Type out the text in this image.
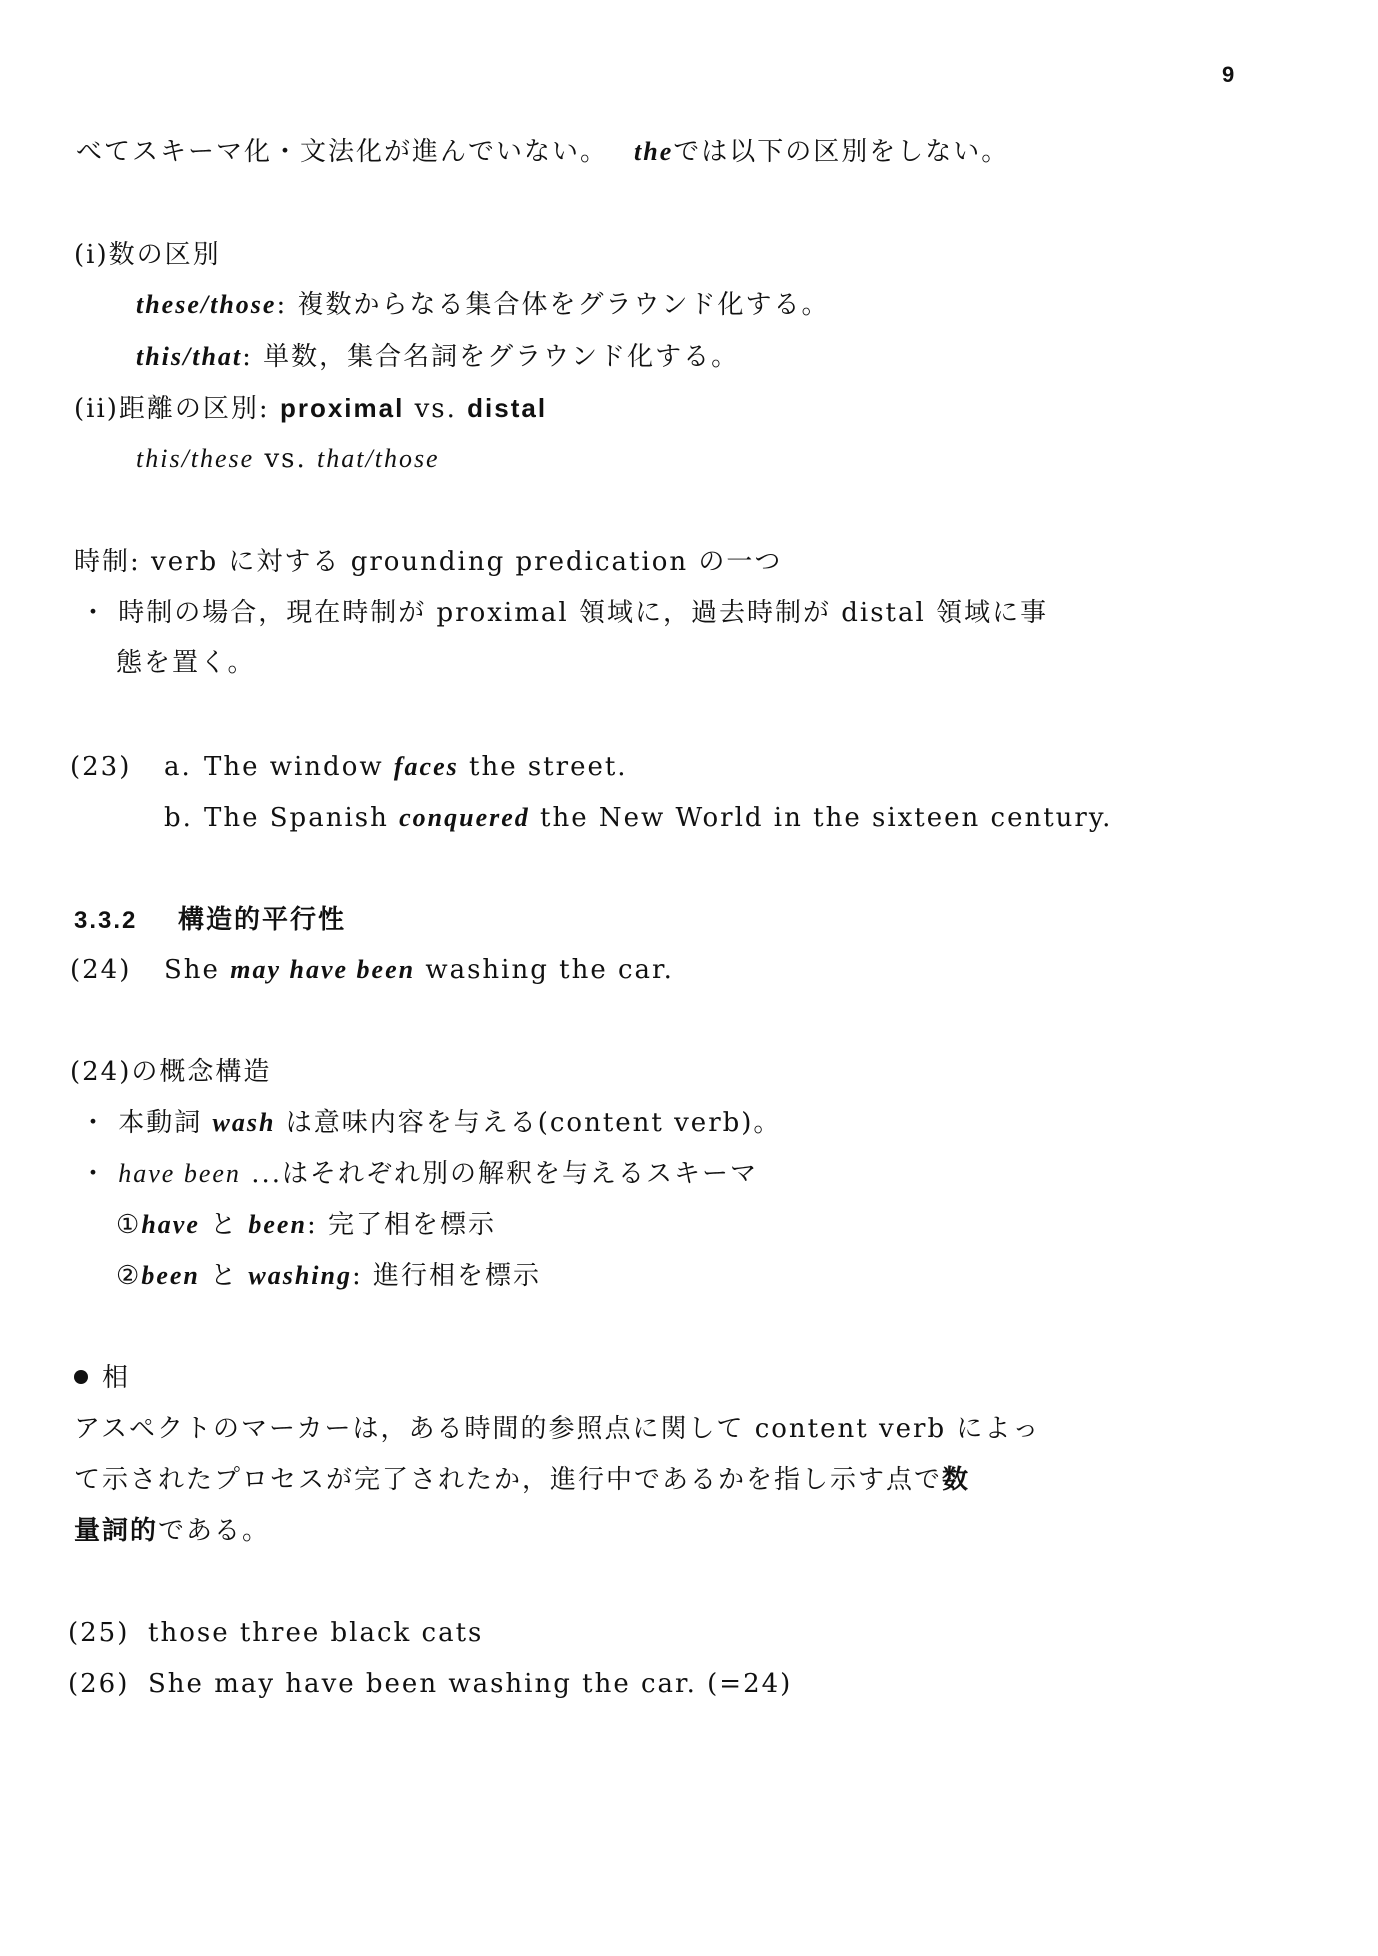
9
べてスキーマ化・文法化が進んでいない。 theでは以下の区別をしない。
(i)数の区別
these/those: 複数からなる集合体をグラウンド化する。
this/that: 単数，集合名詞をグラウンド化する。
(ii)距離の区別: proximal vs. distal
this/these vs. that/those
時制: verb に対する grounding predication の一つ
・ 時制の場合，現在時制が proximal 領域に，過去時制が distal 領域に事
態を置く。
(23) a. The window faces the street.
b. The Spanish conquered the New World in the sixteen century.
3.3.2 構造的平行性
(24) She may have been washing the car.
(24)の概念構造
・ 本動詞 wash は意味内容を与える(content verb)。
・ have been ...はそれぞれ別の解釈を与えるスキーマ
①have と been: 完了相を標示
②been と washing: 進行相を標示
相
アスペクトのマーカーは，ある時間的参照点に関して content verb によっ
て示されたプロセスが完了されたか，進行中であるかを指し示す点で数
量詞的である。
(25) those three black cats
(26) She may have been washing the car. (=24)
